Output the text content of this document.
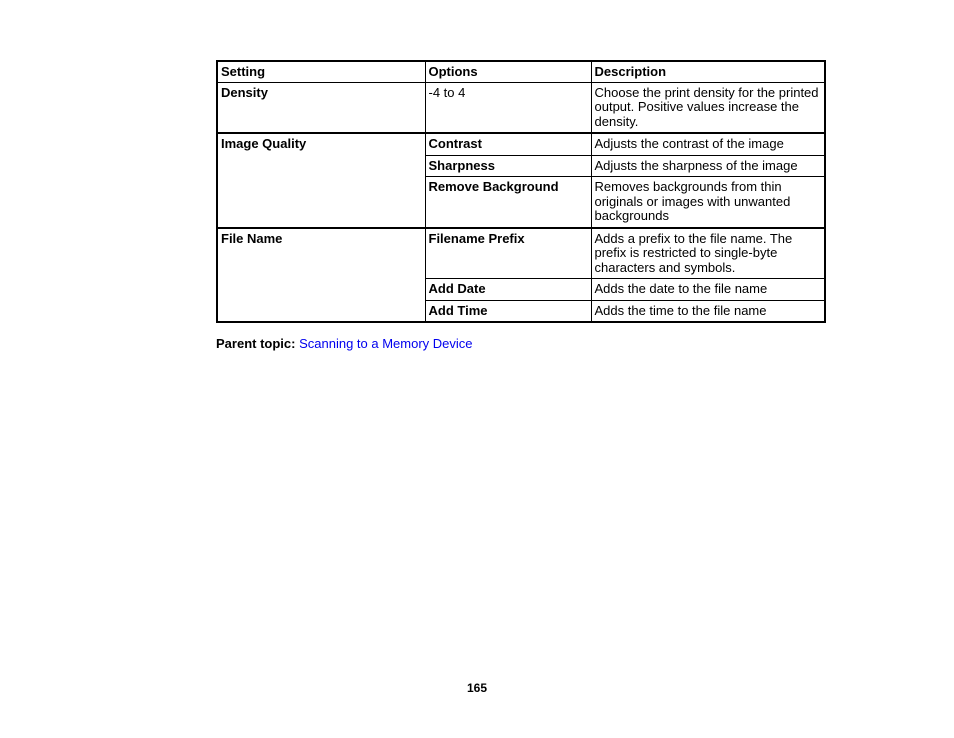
Setting	Options	Description
Density	-4 to 4	Choose the print density for the printed output. Positive values increase the density.
Image Quality	Contrast	Adjusts the contrast of the image
	Sharpness	Adjusts the sharpness of the image
	Remove Background	Removes backgrounds from thin originals or images with unwanted backgrounds
File Name	Filename Prefix	Adds a prefix to the file name. The prefix is restricted to single-byte characters and symbols.
	Add Date	Adds the date to the file name
	Add Time	Adds the time to the file name
Parent topic: Scanning to a Memory Device
165
